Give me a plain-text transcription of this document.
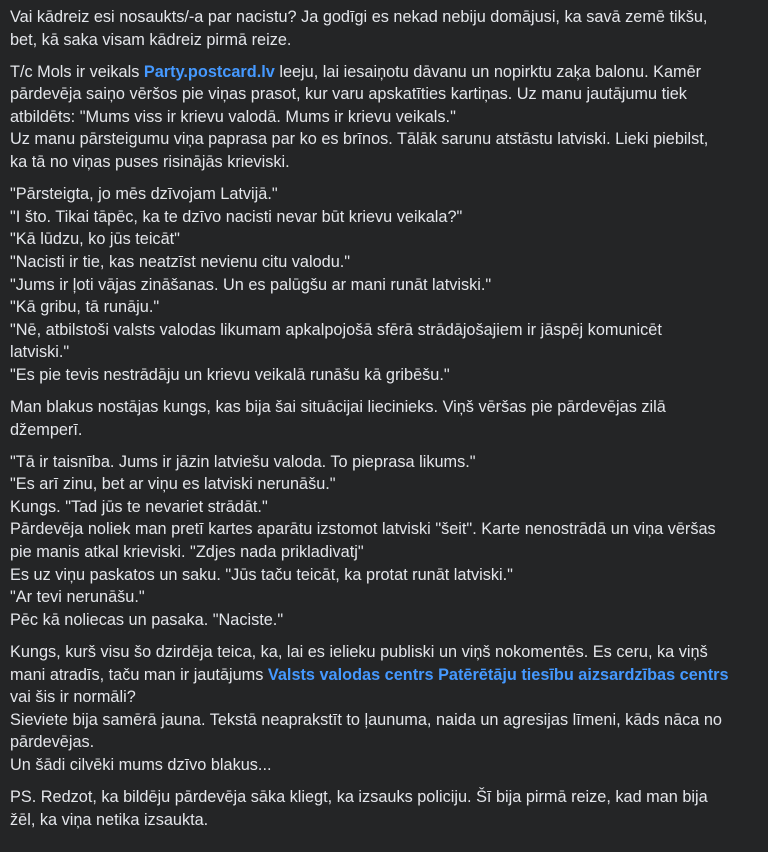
Vai kādreiz esi nosaukts/-a par nacistu? Ja godīgi es nekad nebiju domājusi, ka savā zemē tikšu,
bet, kā saka visam kādreiz pirmā reize.
T/c Mols ir veikals Party.postcard.lv leeju, lai iesaiņotu dāvanu un nopirktu zaķa balonu. Kamēr
pārdevēja saiņo vēršos pie viņas prasot, kur varu apskatīties kartiņas. Uz manu jautājumu tiek
atbildēts: "Mums viss ir krievu valodā. Mums ir krievu veikals."
Uz manu pārsteigumu viņa paprasa par ko es brīnos. Tālāk sarunu atstāstu latviski. Lieki piebilst,
ka tā no viņas puses risinājās krieviski.
"Pārsteigta, jo mēs dzīvojam Latvijā."
"I što. Tikai tāpēc, ka te dzīvo nacisti nevar būt krievu veikala?"
"Kā lūdzu, ko jūs teicāt"
"Nacisti ir tie, kas neatzīst nevienu citu valodu."
"Jums ir ļoti vājas zināšanas. Un es palūgšu ar mani runāt latviski."
"Kā gribu, tā runāju."
"Nē, atbilstoši valsts valodas likumam apkalpojošā sfērā strādājošajiem ir jāspēj komunicēt
latviski."
"Es pie tevis nestrādāju un krievu veikalā runāšu kā gribēšu."
Man blakus nostājas kungs, kas bija šai situācijai liecinieks. Viņš vēršas pie pārdevējas zilā
džemperī.
"Tā ir taisnība. Jums ir jāzin latviešu valoda. To pieprasa likums."
"Es arī zinu, bet ar viņu es latviski nerunāšu."
Kungs. "Tad jūs te nevariet strādāt."
Pārdevēja noliek man pretī kartes aparātu izstomot latviski "šeit". Karte nenostrādā un viņa vēršas
pie manis atkal krieviski. "Zdjes nada prikladivatj"
Es uz viņu paskatos un saku. "Jūs taču teicāt, ka protat runāt latviski."
"Ar tevi nerunāšu."
Pēc kā noliecas un pasaka. "Naciste."
Kungs, kurš visu šo dzirdēja teica, ka, lai es ielieku publiski un viņš nokomentēs. Es ceru, ka viņš
mani atradīs, taču man ir jautājums Valsts valodas centrs Patērētāju tiesību aizsardzības centrs
vai šis ir normāli?
Sieviete bija samērā jauna. Tekstā neaprakstīt to ļaunuma, naida un agresijas līmeni, kāds nāca no
pārdevējas.
Un šādi cilvēki mums dzīvo blakus...
PS. Redzot, ka bildēju pārdevēja sāka kliegt, ka izsauks policiju. Šī bija pirmā reize, kad man bija
žēl, ka viņa netika izsaukta.
